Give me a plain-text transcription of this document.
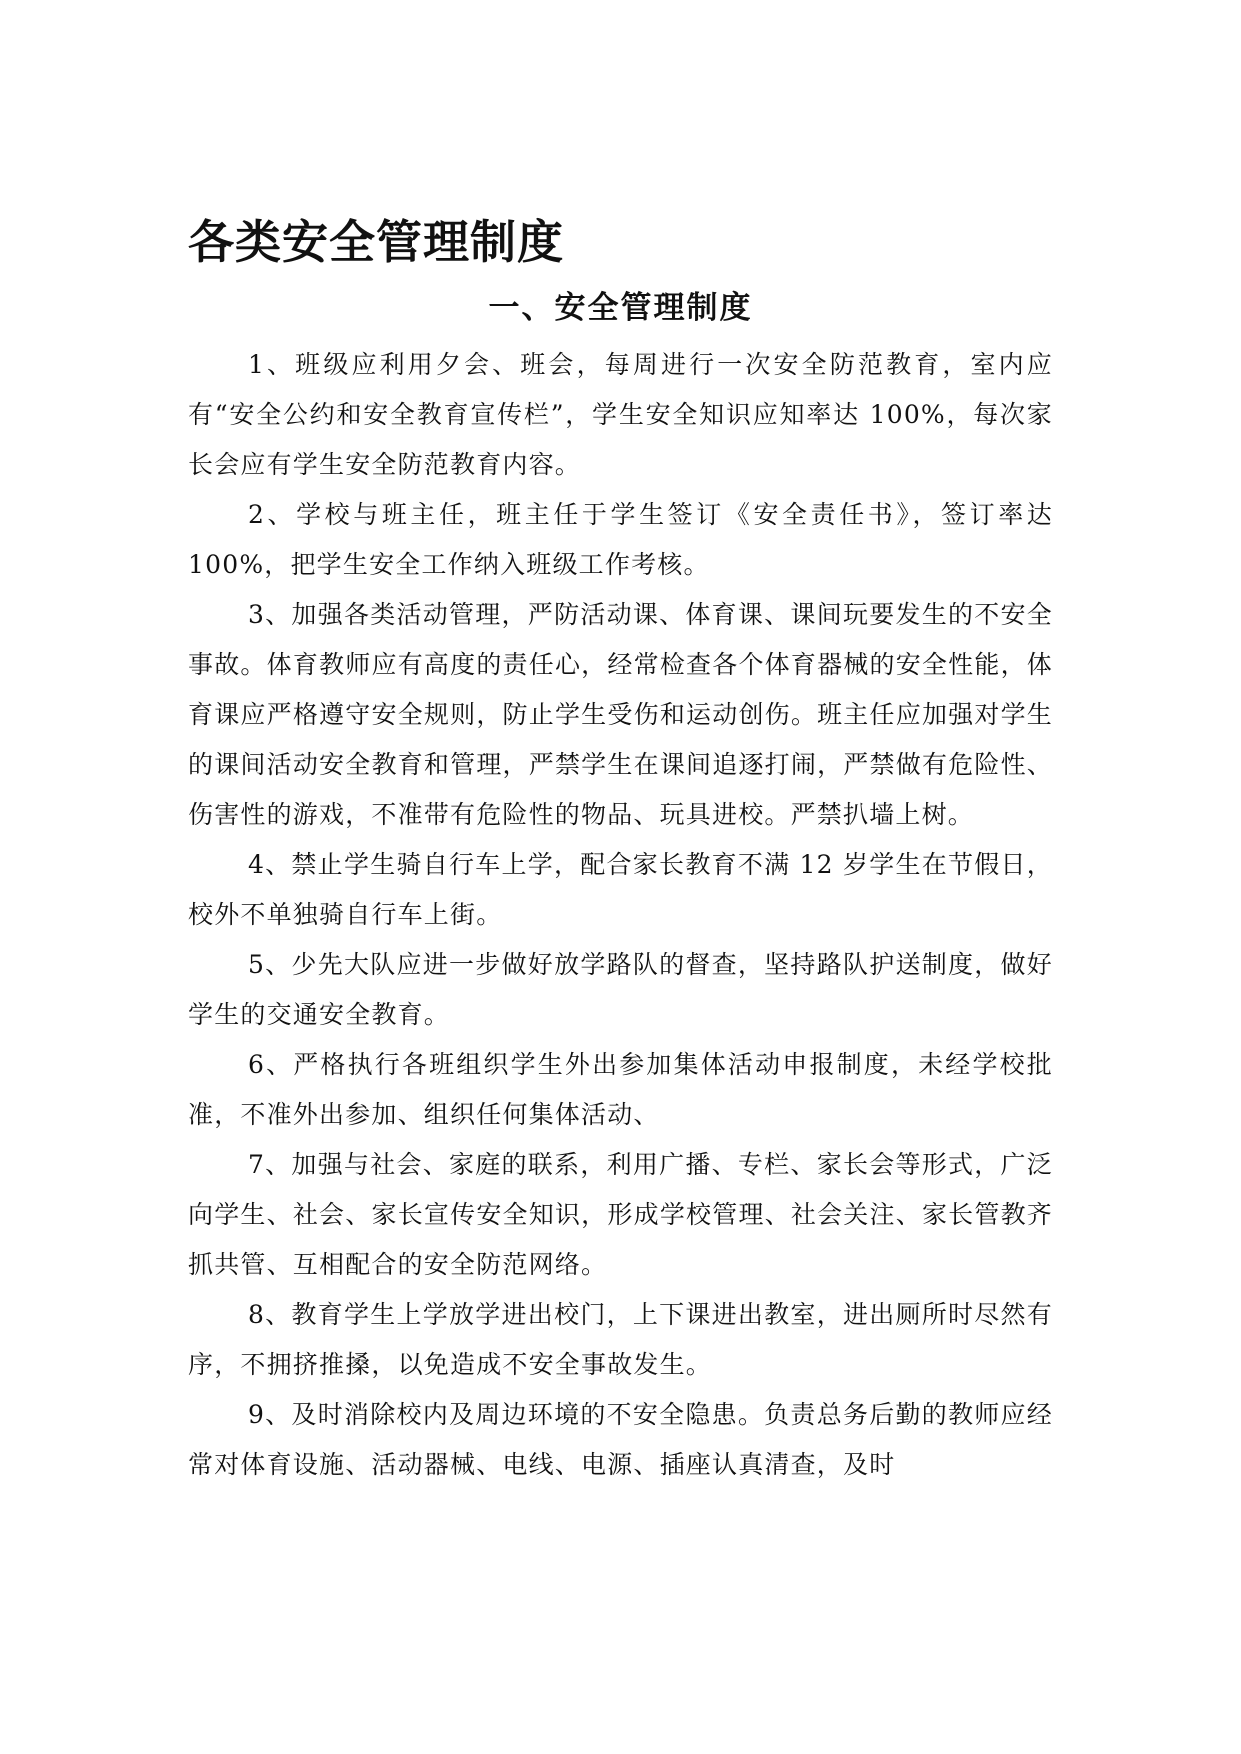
各类安全管理制度
一、安全管理制度

1、班级应利用夕会、班会，每周进行一次安全防范教育，室内应有“安全公约和安全教育宣传栏”，学生安全知识应知率达 100%，每次家长会应有学生安全防范教育内容。

2、学校与班主任，班主任于学生签订《安全责任书》，签订率达 100%，把学生安全工作纳入班级工作考核。

3、加强各类活动管理，严防活动课、体育课、课间玩要发生的不安全事故。体育教师应有高度的责任心，经常检查各个体育器械的安全性能，体育课应严格遵守安全规则，防止学生受伤和运动创伤。班主任应加强对学生的课间活动安全教育和管理，严禁学生在课间追逐打闹，严禁做有危险性、伤害性的游戏，不准带有危险性的物品、玩具进校。严禁扒墙上树。

4、禁止学生骑自行车上学，配合家长教育不满 12 岁学生在节假日，校外不单独骑自行车上街。

5、少先大队应进一步做好放学路队的督查，坚持路队护送制度，做好学生的交通安全教育。

6、严格执行各班组织学生外出参加集体活动申报制度，未经学校批准，不准外出参加、组织任何集体活动、

7、加强与社会、家庭的联系，利用广播、专栏、家长会等形式，广泛向学生、社会、家长宣传安全知识，形成学校管理、社会关注、家长管教齐抓共管、互相配合的安全防范网络。

8、教育学生上学放学进出校门，上下课进出教室，进出厕所时尽然有序，不拥挤推搡，以免造成不安全事故发生。

9、及时消除校内及周边环境的不安全隐患。负责总务后勤的教师应经常对体育设施、活动器械、电线、电源、插座认真清查，及时
